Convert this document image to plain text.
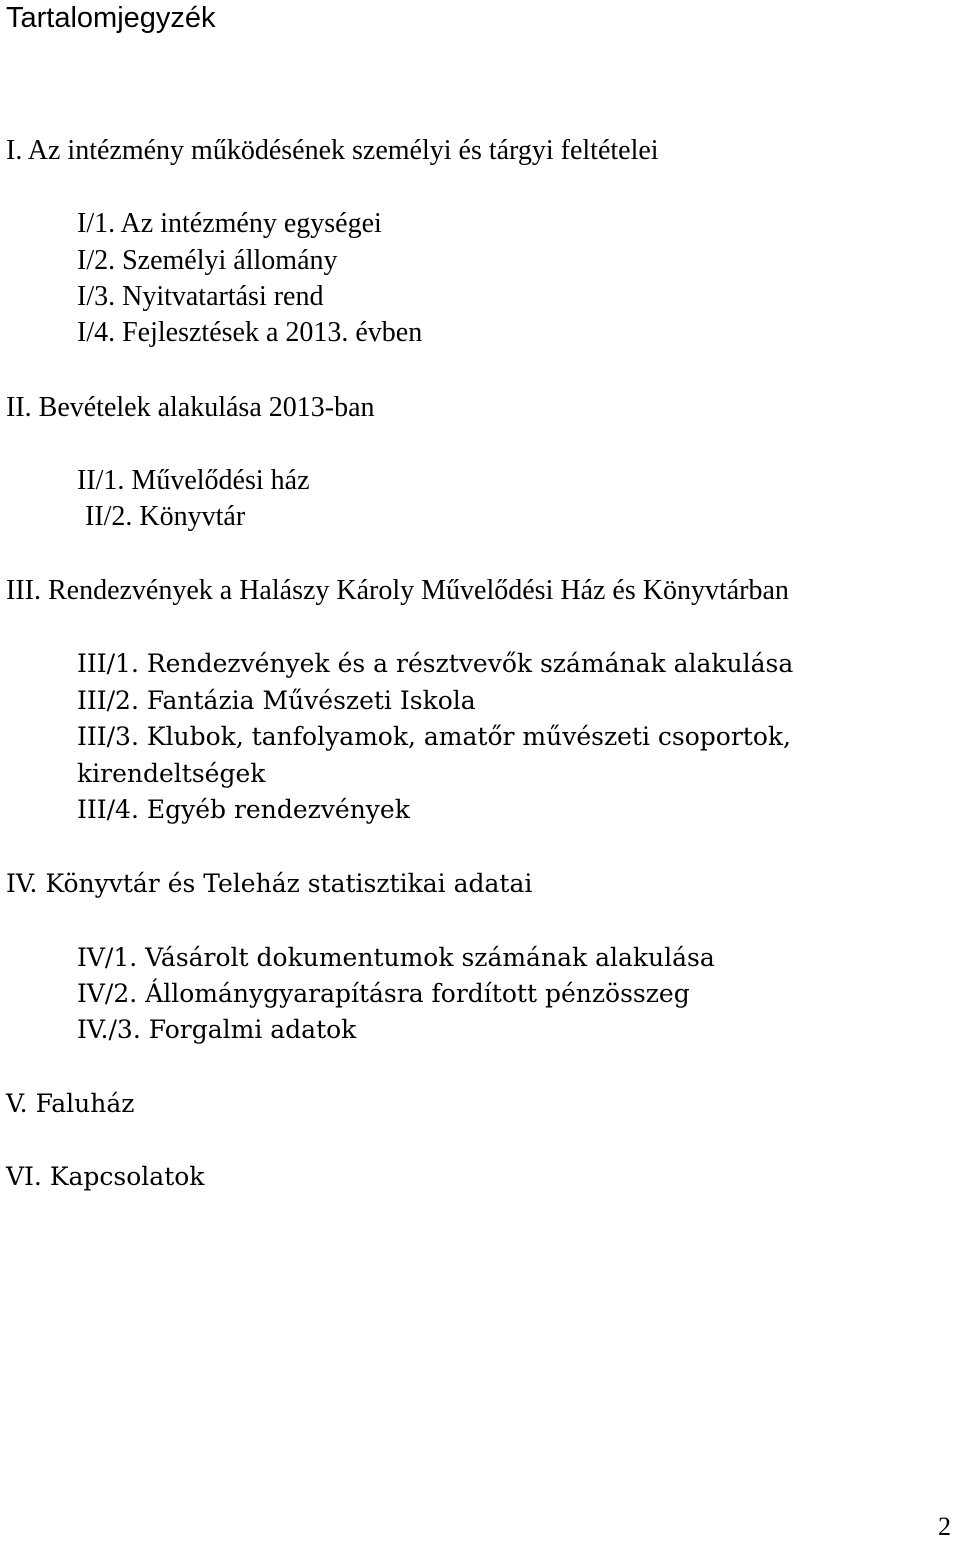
Tartalomjegyzék
I. Az intézmény működésének személyi és tárgyi feltételei
I/1. Az intézmény egységei
I/2. Személyi állomány
I/3. Nyitvatartási rend
I/4. Fejlesztések a 2013. évben
II. Bevételek alakulása 2013-ban
II/1. Művelődési ház
II/2. Könyvtár
III. Rendezvények a Halászy Károly Művelődési Ház és Könyvtárban
III/1. Rendezvények és a résztvevők számának alakulása
III/2. Fantázia Művészeti Iskola
III/3. Klubok, tanfolyamok, amatőr művészeti csoportok,
kirendeltségek
III/4. Egyéb rendezvények
IV. Könyvtár és Teleház statisztikai adatai
IV/1. Vásárolt dokumentumok számának alakulása
IV/2. Állománygyarapításra fordított pénzösszeg
IV./3. Forgalmi adatok
V. Faluház
VI. Kapcsolatok
2
